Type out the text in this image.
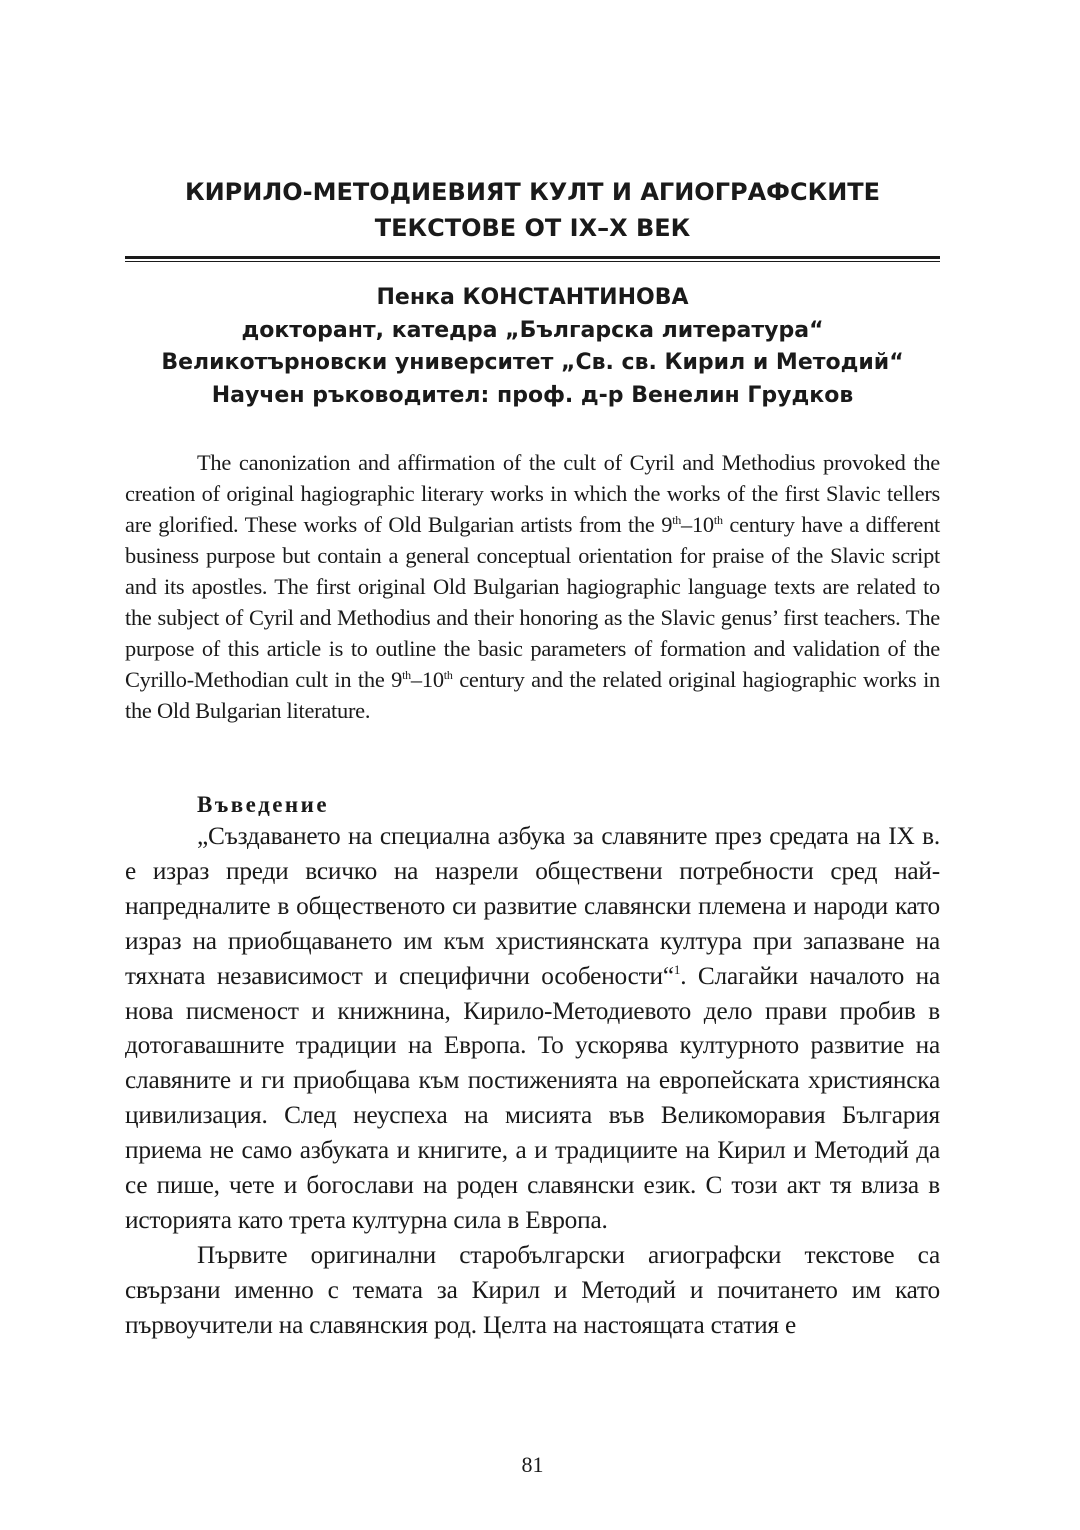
КИРИЛО-МЕТОДИЕВИЯТ КУЛТ И АГИОГРАФСКИТЕ
ТЕКСТОВЕ ОТ IX–X ВЕК
Пенка КОНСТАНТИНОВА
докторант, катедра „Българска литература“
Великотърновски университет „Св. св. Кирил и Методий“
Научен ръководител: проф. д-р Венелин Грудков

The canonization and affirmation of the cult of Cyril and Methodius provoked the creation of original hagiographic literary works in which the works of the first Slavic tellers are glorified. These works of Old Bulgarian artists from the 9th–10th century have a different business purpose but contain a general conceptual orientation for praise of the Slavic script and its apostles. The first original Old Bulgarian hagiographic language texts are related to the subject of Cyril and Methodius and their honoring as the Slavic genus’ first teachers. The purpose of this article is to outline the basic parameters of formation and validation of the Cyrillo-Methodian cult in the 9th–10th century and the related original hagiographic works in the Old Bulgarian literature.

Въведение

„Създаването на специална азбука за славяните през средата на IX в. е израз преди всичко на назрели обществени потребности сред най-напредналите в общественото си развитие славянски племена и народи като израз на приобщаването им към християнската култура при запазване на тяхната независимост и специфични особености“$^1$. Слагайки началото на нова писменост и книжнина, Кирило-Методиевото дело прави пробив в дотогавашните традиции на Европа. То ускорява културното развитие на славяните и ги приобщава към постиженията на европейската християнска цивилизация. След неуспеха на мисията във Великоморавия България приема не само азбуката и книгите, а и традициите на Кирил и Методий да се пише, чете и богослави на роден славянски език. С този акт тя влиза в историята като трета културна сила в Европа.

Първите оригинални старобългарски агиографски текстове са свързани именно с темата за Кирил и Методий и почитането им като първоучители на славянския род. Целта на настоящата статия е

81
